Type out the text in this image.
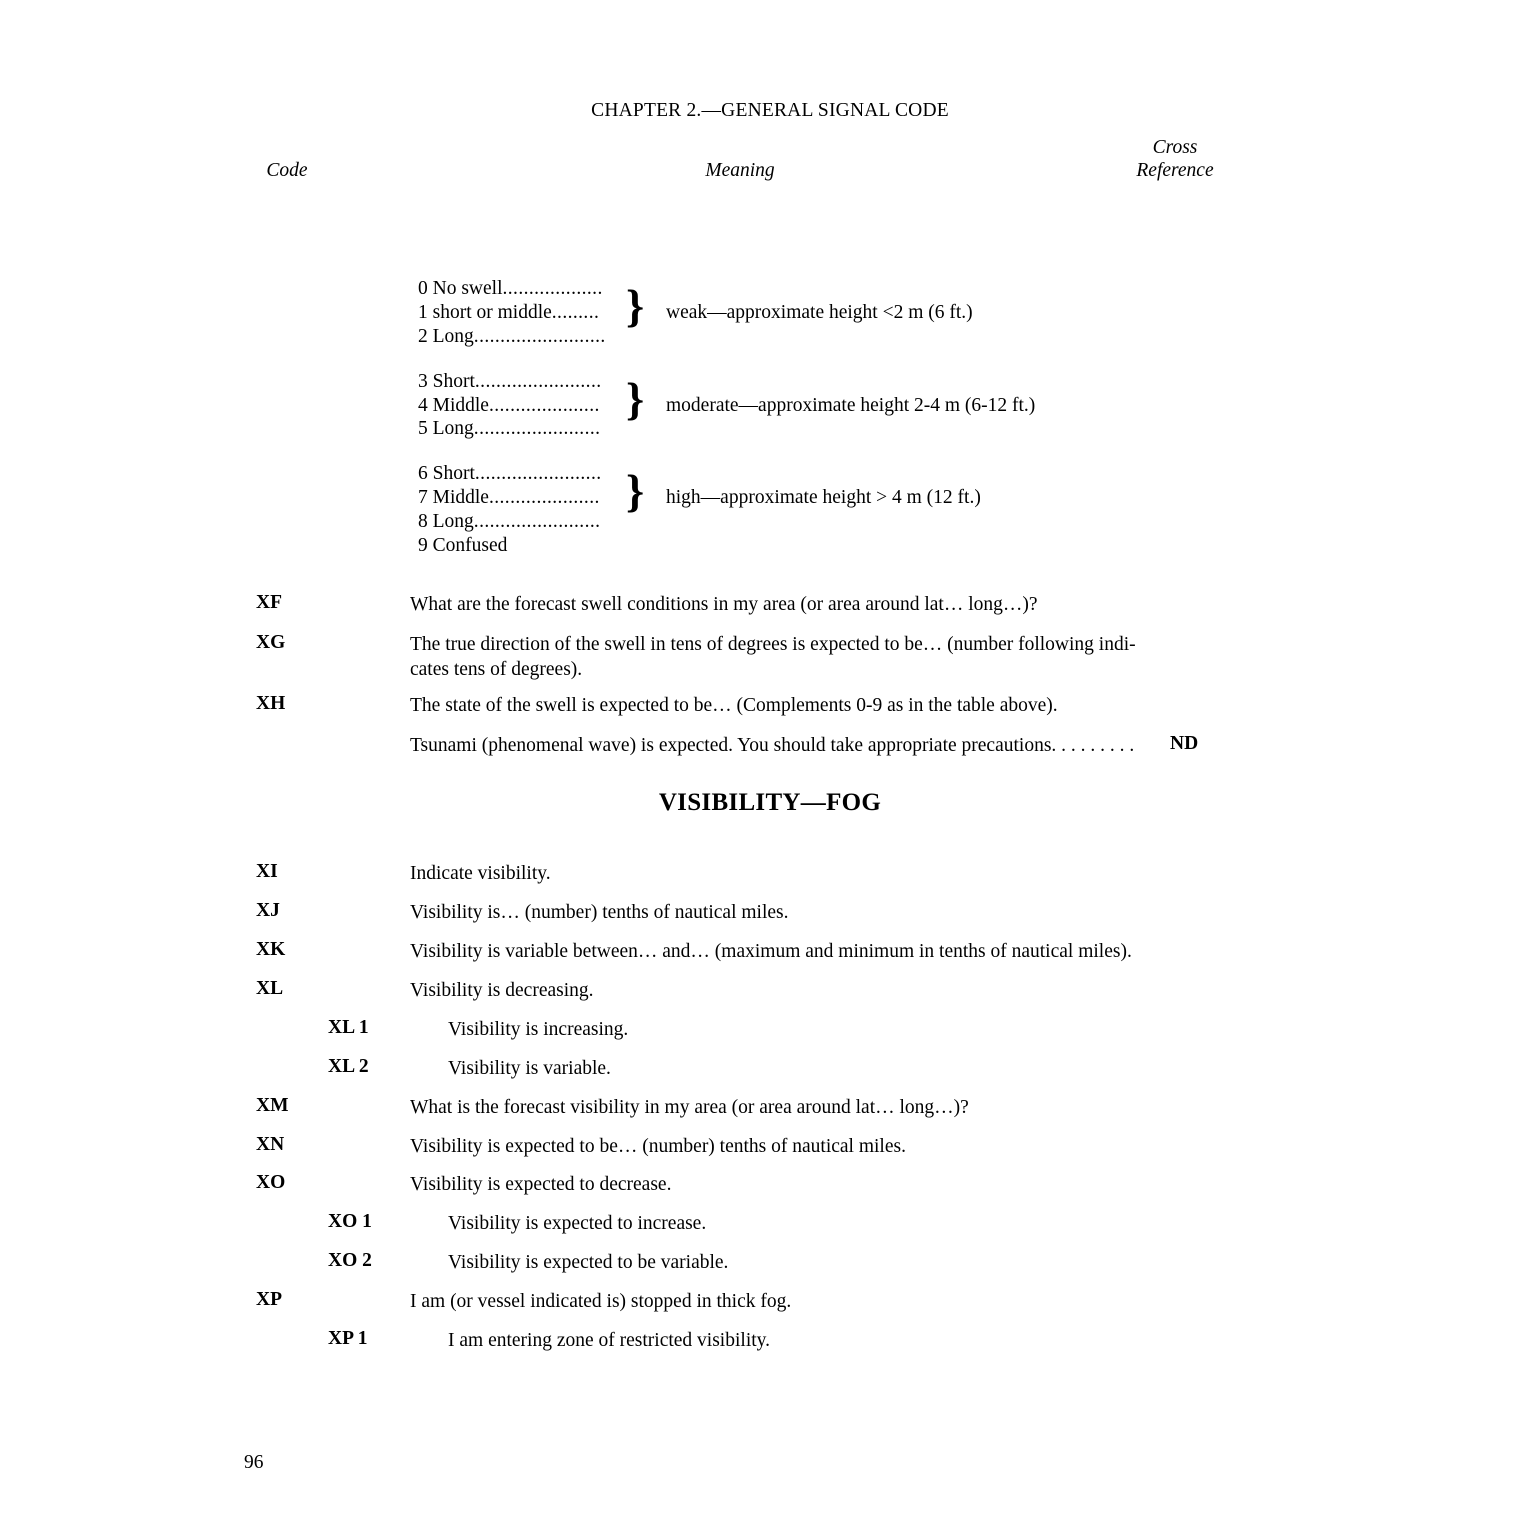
CHAPTER 2.—GENERAL SIGNAL CODE
Code	Meaning
Cross
Reference
0 No swell...................
1 short or middle.........
2 Long.........................
} weak—approximate height <2 m (6 ft.)
3 Short........................
4 Middle.....................
5 Long........................
} moderate—approximate height 2-4 m (6-12 ft.)
6 Short........................
7 Middle.....................
8 Long........................
9 Confused
} high—approximate height > 4 m (12 ft.)
XF	What are the forecast swell conditions in my area (or area around lat… long…)?
XG	The true direction of the swell in tens of degrees is expected to be… (number following indi-cates tens of degrees).
XH	The state of the swell is expected to be… (Complements 0-9 as in the table above).
Tsunami (phenomenal wave) is expected. You should take appropriate precautions. . . . . . . . .	ND
VISIBILITY—FOG
XI	Indicate visibility.
XJ	Visibility is… (number) tenths of nautical miles.
XK	Visibility is variable between… and… (maximum and minimum in tenths of nautical miles).
XL	Visibility is decreasing.
XL 1	Visibility is increasing.
XL 2	Visibility is variable.
XM	What is the forecast visibility in my area (or area around lat… long…)?
XN	Visibility is expected to be… (number) tenths of nautical miles.
XO	Visibility is expected to decrease.
XO 1	Visibility is expected to increase.
XO 2	Visibility is expected to be variable.
XP	I am (or vessel indicated is) stopped in thick fog.
XP 1	I am entering zone of restricted visibility.
96
